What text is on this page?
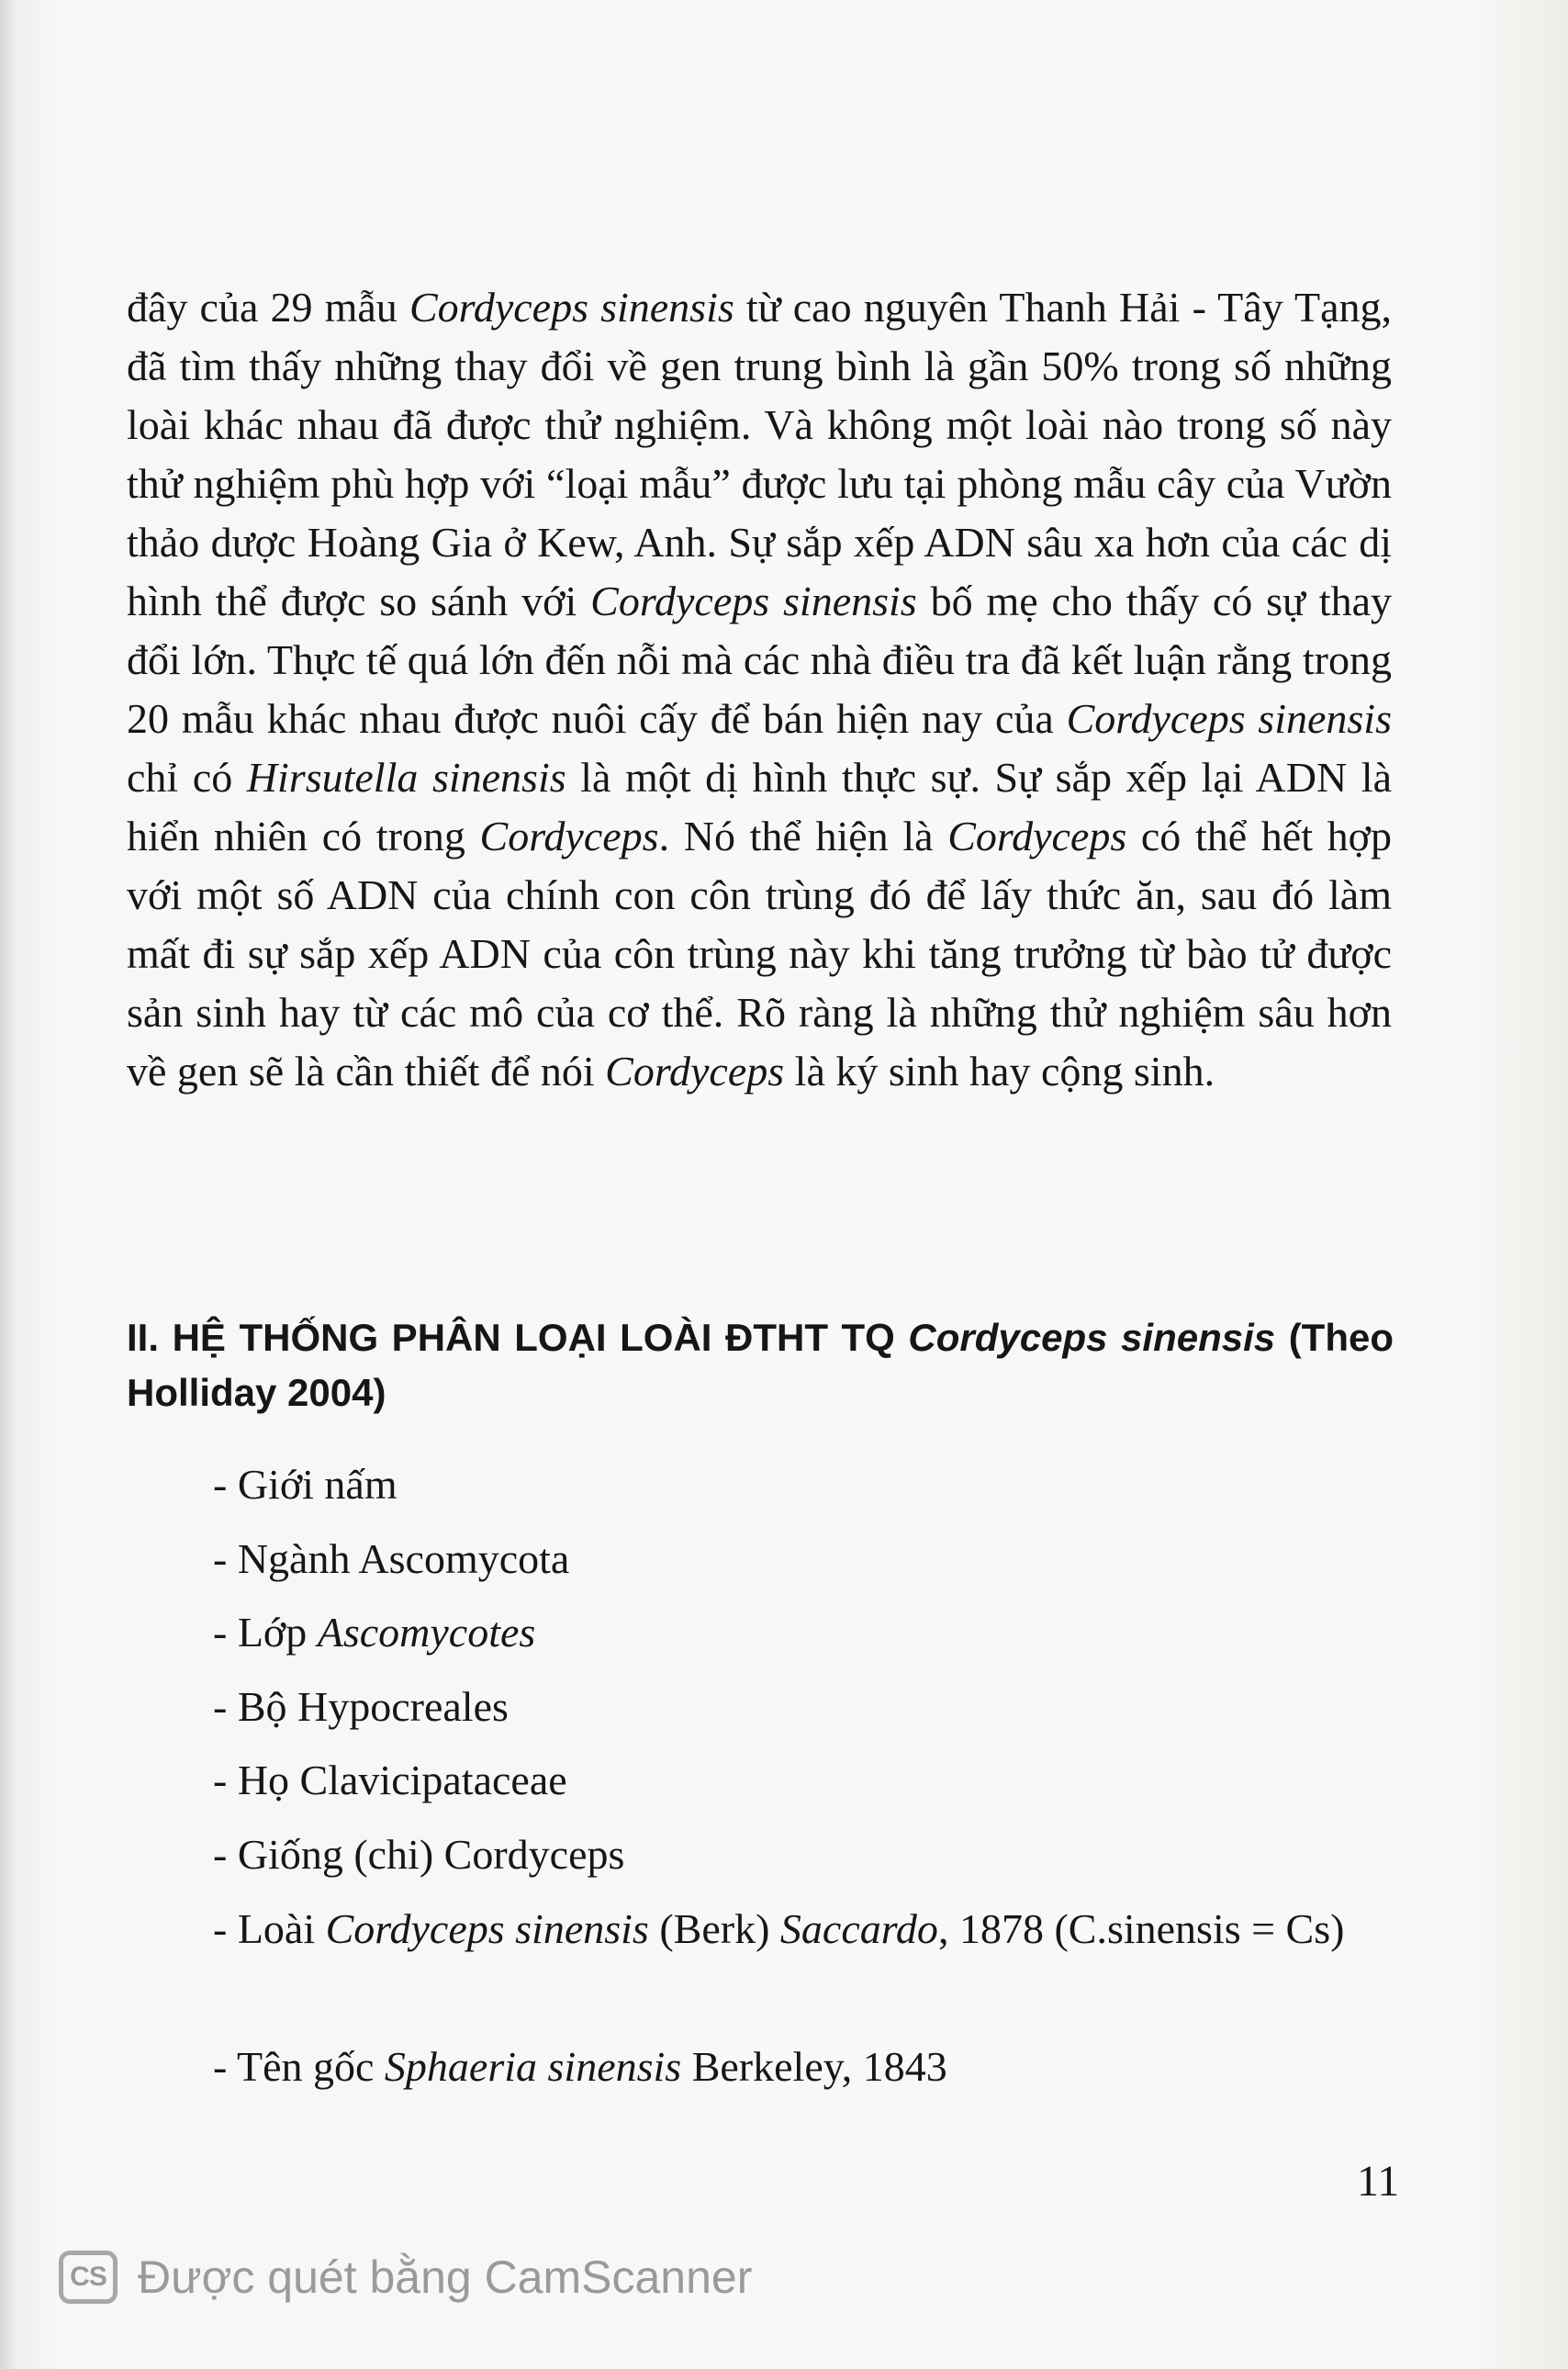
đây của 29 mẫu Cordyceps sinensis từ cao nguyên Thanh Hải - Tây Tạng, đã tìm thấy những thay đổi về gen trung bình là gần 50% trong số những loài khác nhau đã được thử nghiệm. Và không một loài nào trong số này thử nghiệm phù hợp với “loại mẫu” được lưu tại phòng mẫu cây của Vườn thảo dược Hoàng Gia ở Kew, Anh. Sự sắp xếp ADN sâu xa hơn của các dị hình thể được so sánh với Cordyceps sinensis bố mẹ cho thấy có sự thay đổi lớn. Thực tế quá lớn đến nỗi mà các nhà điều tra đã kết luận rằng trong 20 mẫu khác nhau được nuôi cấy để bán hiện nay của Cordyceps sinensis chỉ có Hirsutella sinensis là một dị hình thực sự. Sự sắp xếp lại ADN là hiển nhiên có trong Cordyceps. Nó thể hiện là Cordyceps có thể hết hợp với một số ADN của chính con côn trùng đó để lấy thức ăn, sau đó làm mất đi sự sắp xếp ADN của côn trùng này khi tăng trưởng từ bào tử được sản sinh hay từ các mô của cơ thể. Rõ ràng là những thử nghiệm sâu hơn về gen sẽ là cần thiết để nói Cordyceps là ký sinh hay cộng sinh.

II. HỆ THỐNG PHÂN LOẠI LOÀI ĐTHT TQ Cordyceps sinensis (Theo Holliday 2004)
- Giới nấm
- Ngành Ascomycota
- Lớp Ascomycotes
- Bộ Hypocreales
- Họ Clavicipataceae
- Giống (chi) Cordyceps
- Loài Cordyceps sinensis (Berk) Saccardo, 1878 (C.sinensis = Cs)
- Tên gốc Sphaeria sinensis Berkeley, 1843
11
CS Được quét bằng CamScanner
